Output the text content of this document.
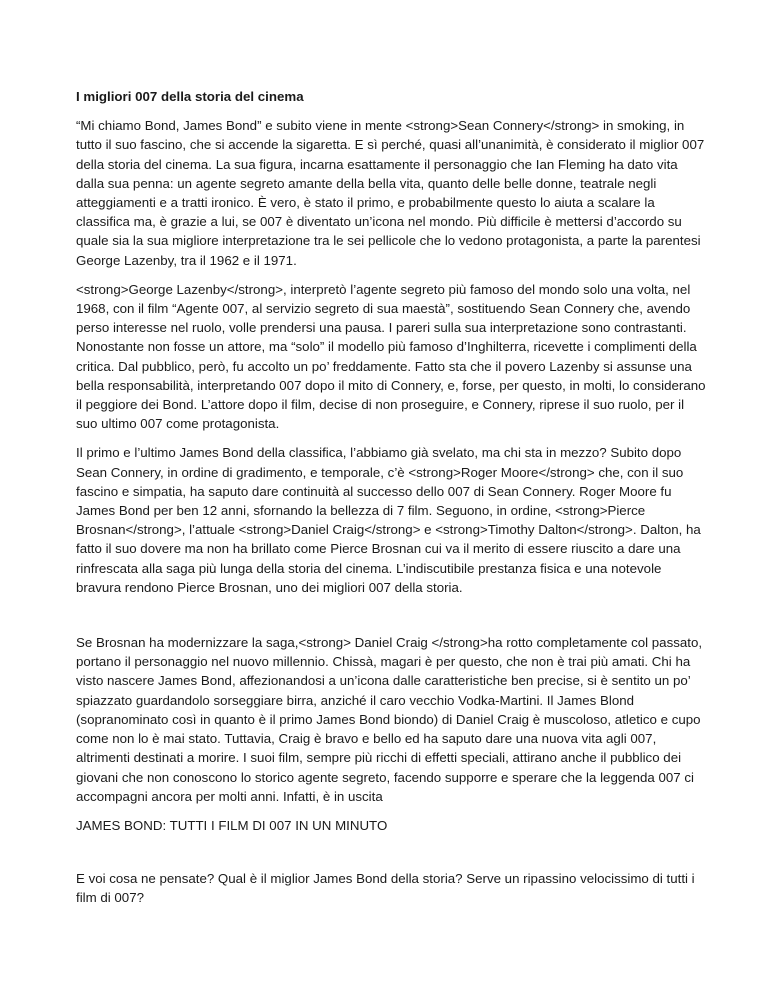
I migliori 007 della storia del cinema

“Mi chiamo Bond, James Bond” e subito viene in mente <strong>Sean Connery</strong> in smoking, in tutto il suo fascino, che si accende la sigaretta. E sì perché, quasi all’unanimità, è considerato il miglior 007 della storia del cinema. La sua figura, incarna esattamente il personaggio che Ian Fleming ha dato vita dalla sua penna: un agente segreto amante della bella vita, quanto delle belle donne, teatrale negli atteggiamenti e a tratti ironico. È vero, è stato il primo, e probabilmente questo lo aiuta a scalare la classifica ma, è grazie a lui, se 007 è diventato un’icona nel mondo. Più difficile è mettersi d’accordo su quale sia la sua migliore interpretazione tra le sei pellicole che lo vedono protagonista, a parte la parentesi George Lazenby, tra il 1962 e il 1971.

<strong>George Lazenby</strong>, interpretò l’agente segreto più famoso del mondo solo una volta, nel 1968, con il film “Agente 007, al servizio segreto di sua maestà”, sostituendo Sean Connery che, avendo perso interesse nel ruolo, volle prendersi una pausa. I pareri sulla sua interpretazione sono contrastanti. Nonostante non fosse un attore, ma “solo” il modello più famoso d’Inghilterra, ricevette i complimenti della critica. Dal pubblico, però, fu accolto un po’ freddamente. Fatto sta che il povero Lazenby si assunse una bella responsabilità, interpretando 007 dopo il mito di Connery, e, forse, per questo, in molti, lo considerano il peggiore dei Bond. L’attore dopo il film, decise di non proseguire, e Connery, riprese il suo ruolo, per il suo ultimo 007 come protagonista.

Il primo e l’ultimo James Bond della classifica, l’abbiamo già svelato, ma chi sta in mezzo? Subito dopo Sean Connery, in ordine di gradimento, e temporale, c’è <strong>Roger Moore</strong> che, con il suo fascino e simpatia, ha saputo dare continuità al successo dello 007 di Sean Connery. Roger Moore fu James Bond per ben 12 anni, sfornando la bellezza di 7 film. Seguono, in ordine, <strong>Pierce Brosnan</strong>, l’attuale <strong>Daniel Craig</strong> e <strong>Timothy Dalton</strong>. Dalton, ha fatto il suo dovere ma non ha brillato come Pierce Brosnan cui va il merito di essere riuscito a dare una rinfrescata alla saga più lunga della storia del cinema. L’indiscutibile prestanza fisica e una notevole bravura rendono Pierce Brosnan, uno dei migliori 007 della storia.

Se Brosnan ha modernizzare la saga,<strong> Daniel Craig </strong>ha rotto completamente col passato, portano il personaggio nel nuovo millennio. Chissà, magari è per questo, che non è trai più amati. Chi ha visto nascere James Bond, affezionandosi a un’icona dalle caratteristiche ben precise, si è sentito un po’ spiazzato guardandolo sorseggiare birra, anziché il caro vecchio Vodka-Martini. Il James Blond (sopranominato così in quanto è il primo James Bond biondo) di Daniel Craig è muscoloso, atletico e cupo come non lo è mai stato. Tuttavia, Craig è bravo e bello ed ha saputo dare una nuova vita agli 007, altrimenti destinati a morire. I suoi film, sempre più ricchi di effetti speciali, attirano anche il pubblico dei giovani che non conoscono lo storico agente segreto, facendo supporre e sperare che la leggenda 007 ci accompagni ancora per molti anni. Infatti, è in uscita

JAMES BOND: TUTTI I FILM DI 007 IN UN MINUTO

E voi cosa ne pensate? Qual è il miglior James Bond della storia? Serve un ripassino velocissimo di tutti i film di 007?
